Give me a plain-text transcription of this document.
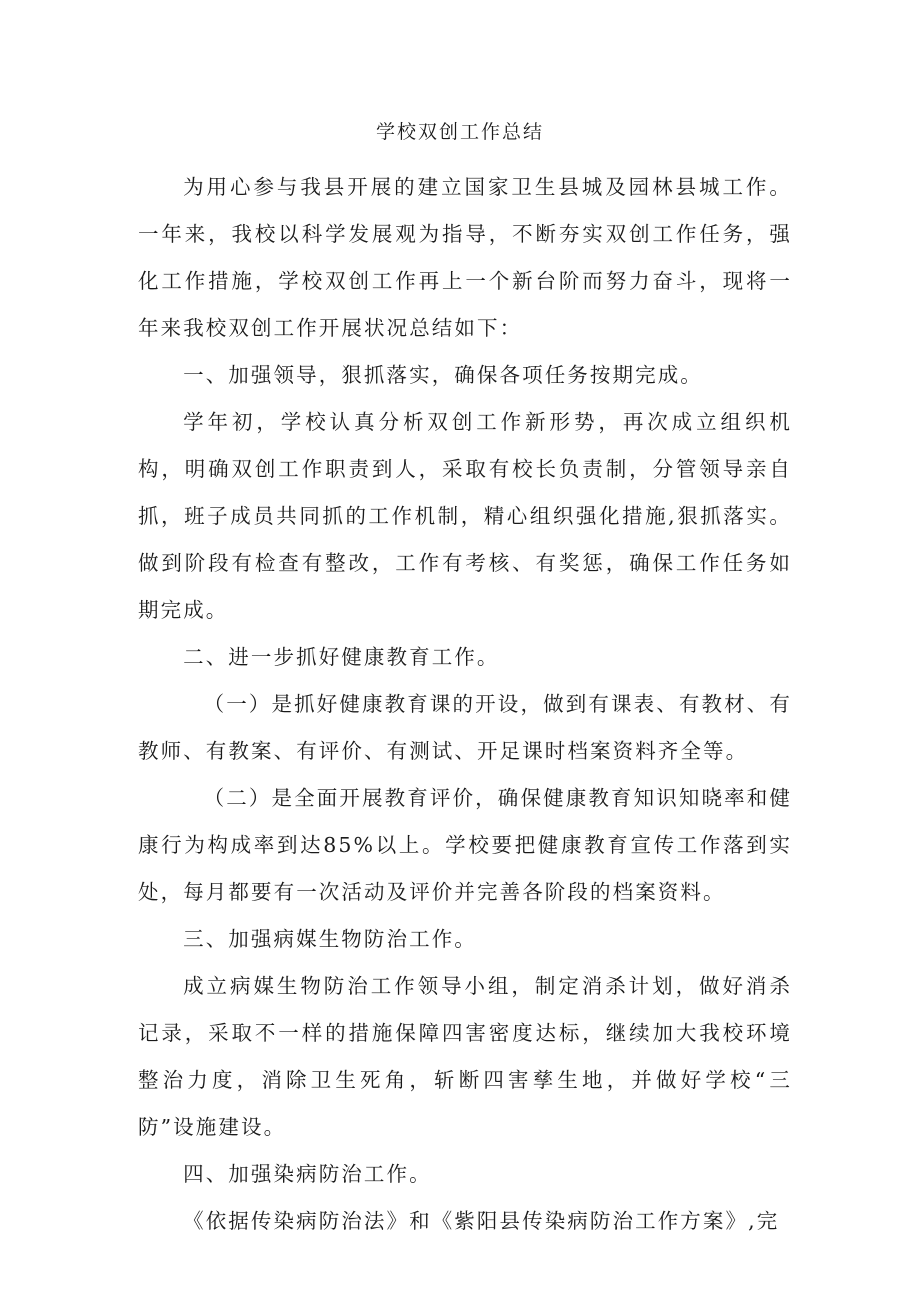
学校双创工作总结

为用心参与我县开展的建立国家卫生县城及园林县城工作。一年来，我校以科学发展观为指导，不断夯实双创工作任务，强化工作措施，学校双创工作再上一个新台阶而努力奋斗，现将一年来我校双创工作开展状况总结如下：

一、加强领导，狠抓落实，确保各项任务按期完成。

学年初，学校认真分析双创工作新形势，再次成立组织机构，明确双创工作职责到人，采取有校长负责制，分管领导亲自抓，班子成员共同抓的工作机制，精心组织强化措施,狠抓落实。做到阶段有检查有整改，工作有考核、有奖惩，确保工作任务如期完成。

二、进一步抓好健康教育工作。

（一）是抓好健康教育课的开设，做到有课表、有教材、有教师、有教案、有评价、有测试、开足课时档案资料齐全等。

（二）是全面开展教育评价，确保健康教育知识知晓率和健康行为构成率到达85%以上。学校要把健康教育宣传工作落到实处，每月都要有一次活动及评价并完善各阶段的档案资料。

三、加强病媒生物防治工作。

成立病媒生物防治工作领导小组，制定消杀计划，做好消杀记录，采取不一样的措施保障四害密度达标，继续加大我校环境整治力度，消除卫生死角，斩断四害孳生地，并做好学校“三防”设施建设。

四、加强染病防治工作。

《依据传染病防治法》和《紫阳县传染病防治工作方案》,完
